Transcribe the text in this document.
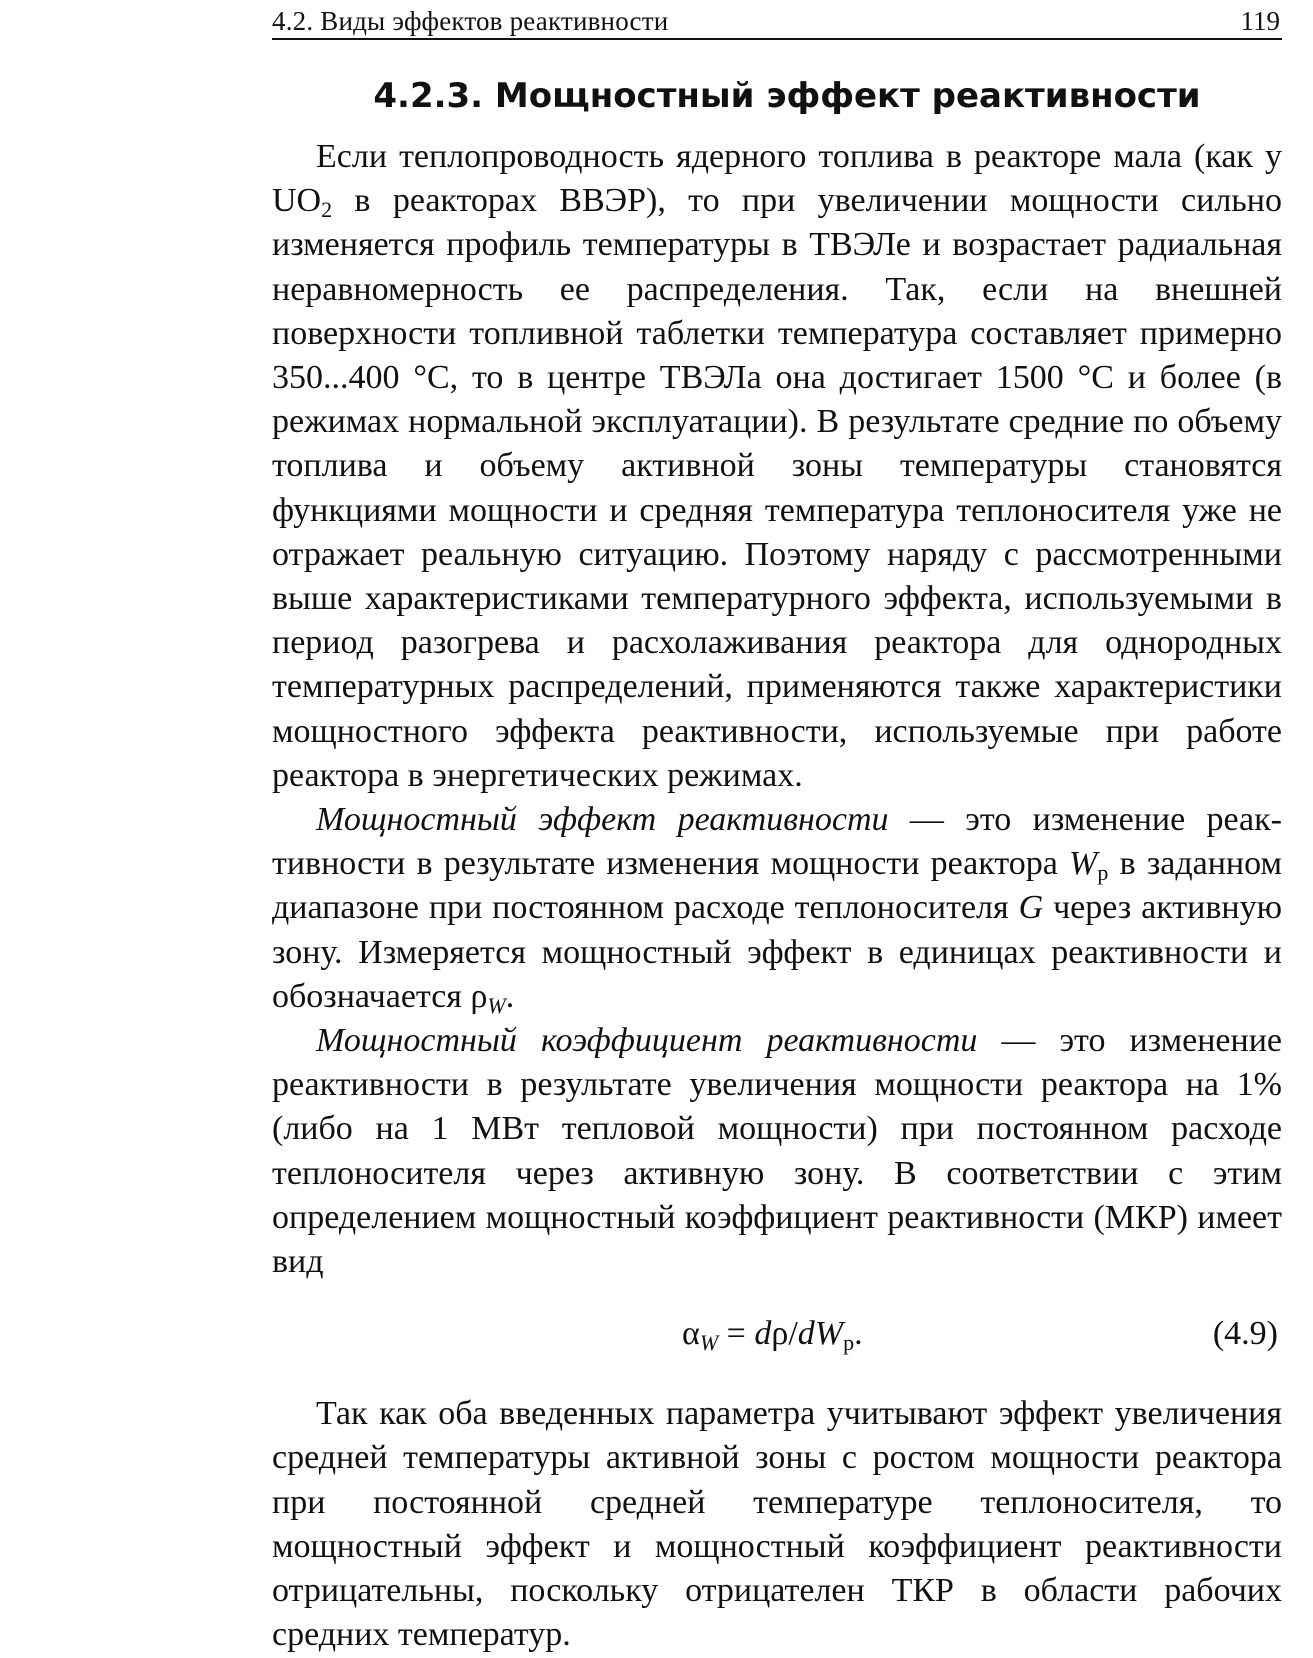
4.2. Виды эффектов реактивности	119
4.2.3. Мощностный эффект реактивности

Если теплопроводность ядерного топлива в реакторе мала (как у $UO_2$ в реакторах ВВЭР), то при увеличении мощности сильно изменяется профиль температуры в ТВЭЛе и возрастает радиальная неравномерность ее распределения. Так, если на внешней поверхности топливной таблетки температура составляет примерно 350...400 °С, то в центре ТВЭЛа она достигает 1500 °С и более (в режимах нормальной эксплуатации). В результате средние по объему топлива и объему активной зоны температуры становятся функциями мощности и средняя температура теплоносителя уже не отражает реальную ситуацию. Поэтому наряду с рассмотренными выше характеристиками температурного эффекта, используемыми в период разогрева и расхолаживания реактора для однородных температурных распределений, применяются также характеристики мощностного эффекта реактивности, используемые при работе реактора в энергетических режимах.

Мощностный эффект реактивности — это изменение реактивности в результате изменения мощности реактора $W_р$ в заданном диапазоне при постоянном расходе теплоносителя G через активную зону. Измеряется мощностный эффект в единицах реактивности и обозначается $\rho_W$.

Мощностный коэффициент реактивности — это изменение реактивности в результате увеличения мощности реактора на 1% (либо на 1 МВт тепловой мощности) при постоянном расходе теплоносителя через активную зону. В соответствии с этим определением мощностный коэффициент реактивности (МКР) имеет вид

$\alpha_W = d\rho/dW_р$.	(4.9)

Так как оба введенных параметра учитывают эффект увеличения средней температуры активной зоны с ростом мощности реактора при постоянной средней температуре теплоносителя, то мощностный эффект и мощностный коэффициент реактивности отрицательны, поскольку отрицателен ТКР в области рабочих средних температур.
